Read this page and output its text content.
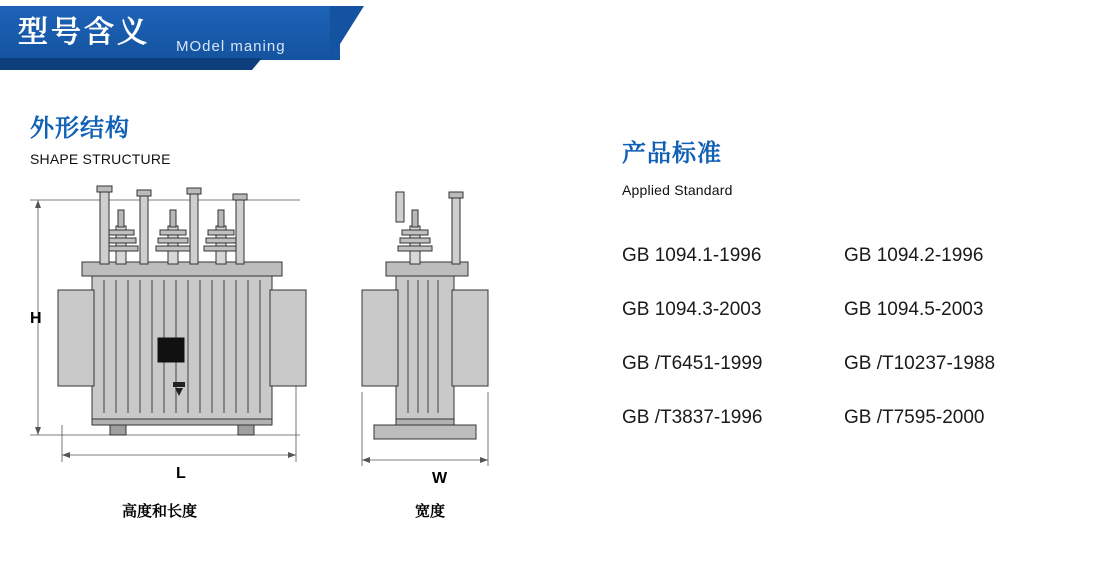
型号含义 MOdel maning
外形结构
SHAPE STRUCTURE	产品标准
Applied Standard
GB 1094.1-1996	GB 1094.2-1996
GB 1094.3-2003	GB 1094.5-2003
GB /T6451-1999	GB /T10237-1988
GB /T3837-1996	GB /T7595-2000
H
L	W
高度和长度	宽度
